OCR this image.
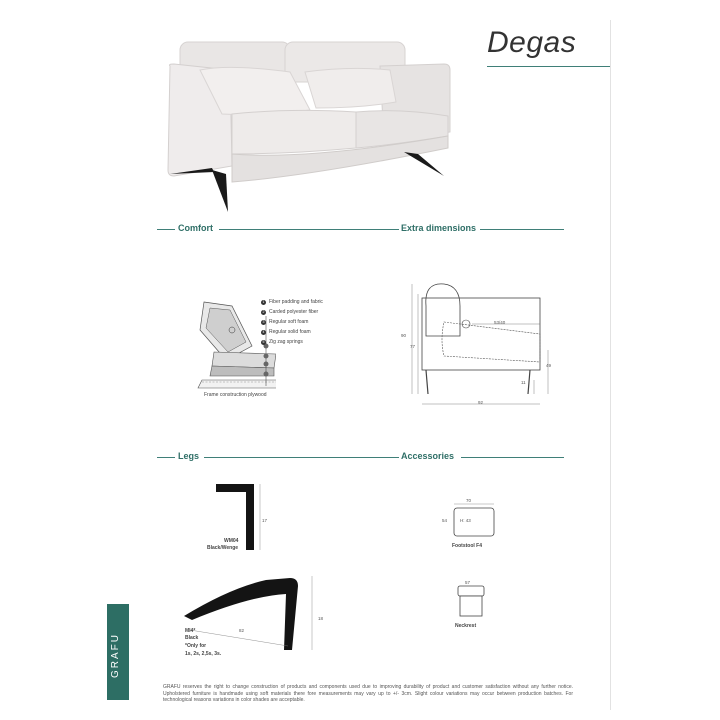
Degas
Comfort	Extra dimensions
1 Fiber padding and fabric
2 Carded polyester fiber
3 Regular soft foam
4 Regular solid foam
5 Zig zag springs
Frame construction plywood
90
77
53/40
49
11
92
Legs	Accessories
17
WM04
Black/Wenge
82
18
MI4*
Black
*Only for
1s, 2s, 2,5s, 3s.
70
54	H: 43
Footstool F4
57
Neckrest
GRAFU
GRAFU reserves the right to change construction of products and components used due to improving durability of product and customer satisfaction without any further notice. Upholstered furniture is handmade using soft materials there fore measurements may vary up to +/- 3cm. Slight colour variations may occur between production batches. For technological reasons variations in color shades are acceptable.
